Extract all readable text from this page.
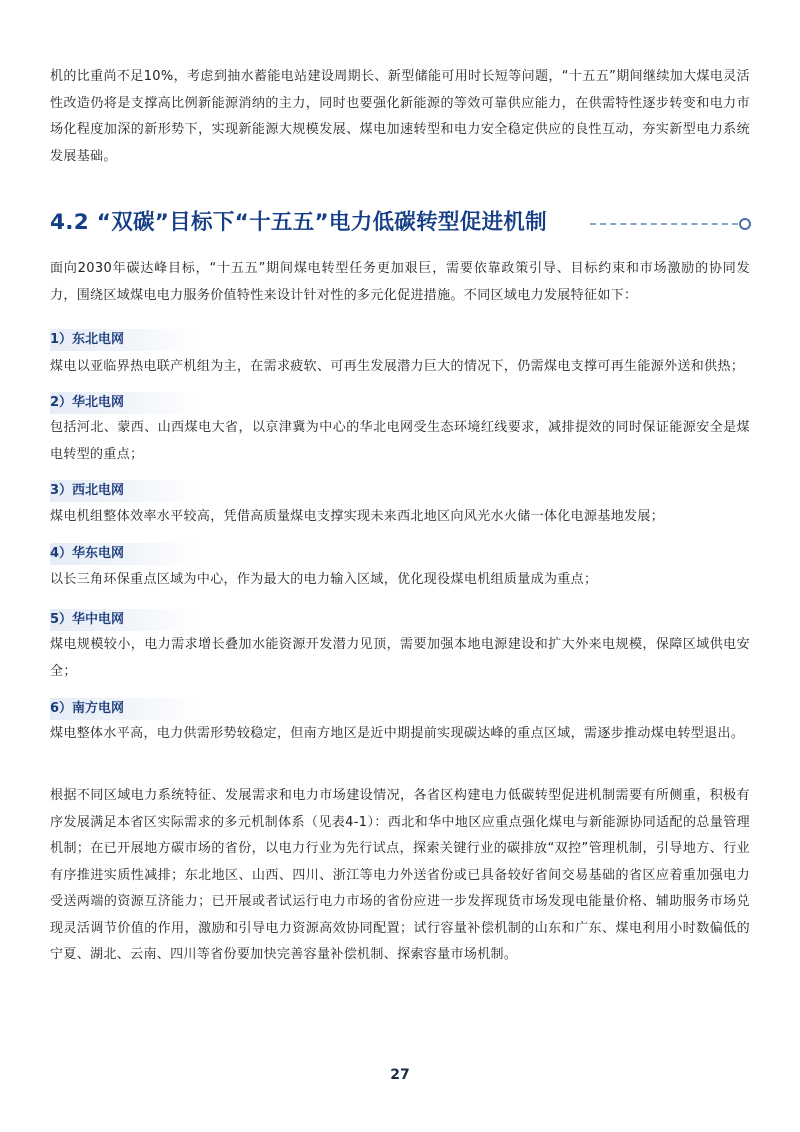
机的比重尚不足10%，考虑到抽水蓄能电站建设周期长、新型储能可用时长短等问题，“十五五”期间继续加大煤电灵活性改造仍将是支撑高比例新能源消纳的主力，同时也要强化新能源的等效可靠供应能力，在供需特性逐步转变和电力市场化程度加深的新形势下，实现新能源大规模发展、煤电加速转型和电力安全稳定供应的良性互动，夯实新型电力系统发展基础。

4.2 “双碳”目标下“十五五”电力低碳转型促进机制

面向2030年碳达峰目标，“十五五”期间煤电转型任务更加艰巨，需要依靠政策引导、目标约束和市场激励的协同发力，围绕区域煤电电力服务价值特性来设计针对性的多元化促进措施。不同区域电力发展特征如下：

1）东北电网

煤电以亚临界热电联产机组为主，在需求疲软、可再生发展潜力巨大的情况下，仍需煤电支撑可再生能源外送和供热；

2）华北电网

包括河北、蒙西、山西煤电大省，以京津冀为中心的华北电网受生态环境红线要求，减排提效的同时保证能源安全是煤电转型的重点；

3）西北电网

煤电机组整体效率水平较高，凭借高质量煤电支撑实现未来西北地区向风光水火储一体化电源基地发展；

4）华东电网

以长三角环保重点区域为中心，作为最大的电力输入区域，优化现役煤电机组质量成为重点；

5）华中电网

煤电规模较小，电力需求增长叠加水能资源开发潜力见顶，需要加强本地电源建设和扩大外来电规模，保障区域供电安全；

6）南方电网

煤电整体水平高，电力供需形势较稳定，但南方地区是近中期提前实现碳达峰的重点区域，需逐步推动煤电转型退出。

根据不同区域电力系统特征、发展需求和电力市场建设情况，各省区构建电力低碳转型促进机制需要有所侧重，积极有序发展满足本省区实际需求的多元机制体系（见表4-1）：西北和华中地区应重点强化煤电与新能源协同适配的总量管理机制；在已开展地方碳市场的省份，以电力行业为先行试点，探索关键行业的碳排放“双控”管理机制，引导地方、行业有序推进实质性减排；东北地区、山西、四川、浙江等电力外送省份或已具备较好省间交易基础的省区应着重加强电力受送两端的资源互济能力；已开展或者试运行电力市场的省份应进一步发挥现货市场发现电能量价格、辅助服务市场兑现灵活调节价值的作用，激励和引导电力资源高效协同配置；试行容量补偿机制的山东和广东、煤电利用小时数偏低的宁夏、湖北、云南、四川等省份要加快完善容量补偿机制、探索容量市场机制。

27
